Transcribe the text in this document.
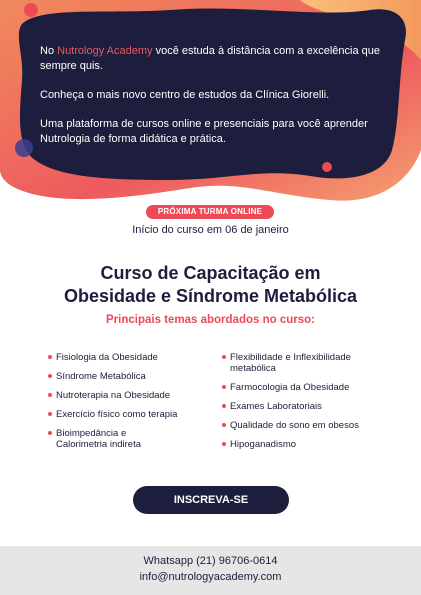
No Nutrology Academy você estuda à distância com a excelência que sempre quis.

Conheça o mais novo centro de estudos da Clínica Giorelli.

Uma plataforma de cursos online e presenciais para você aprender Nutrologia de forma didática e prática.

PRÓXIMA TURMA ONLINE
Início do curso em 06 de janeiro
Curso de Capacitação em
Obesidade e Síndrome Metabólica
Principais temas abordados no curso:
Fisiologia da Obesidade
Síndrome Metabólica
Nutroterapia na Obesidade
Exercício físico como terapia
Bioimpedância e Calorimetria indireta
Flexibilidade e Inflexibilidade metabólica
Farmocologia da Obesidade
Exames Laboratoriais
Qualidade do sono em obesos
Hipoganadismo
INSCREVA-SE
Whatsapp (21) 96706-0614
info@nutrologyacademy.com
